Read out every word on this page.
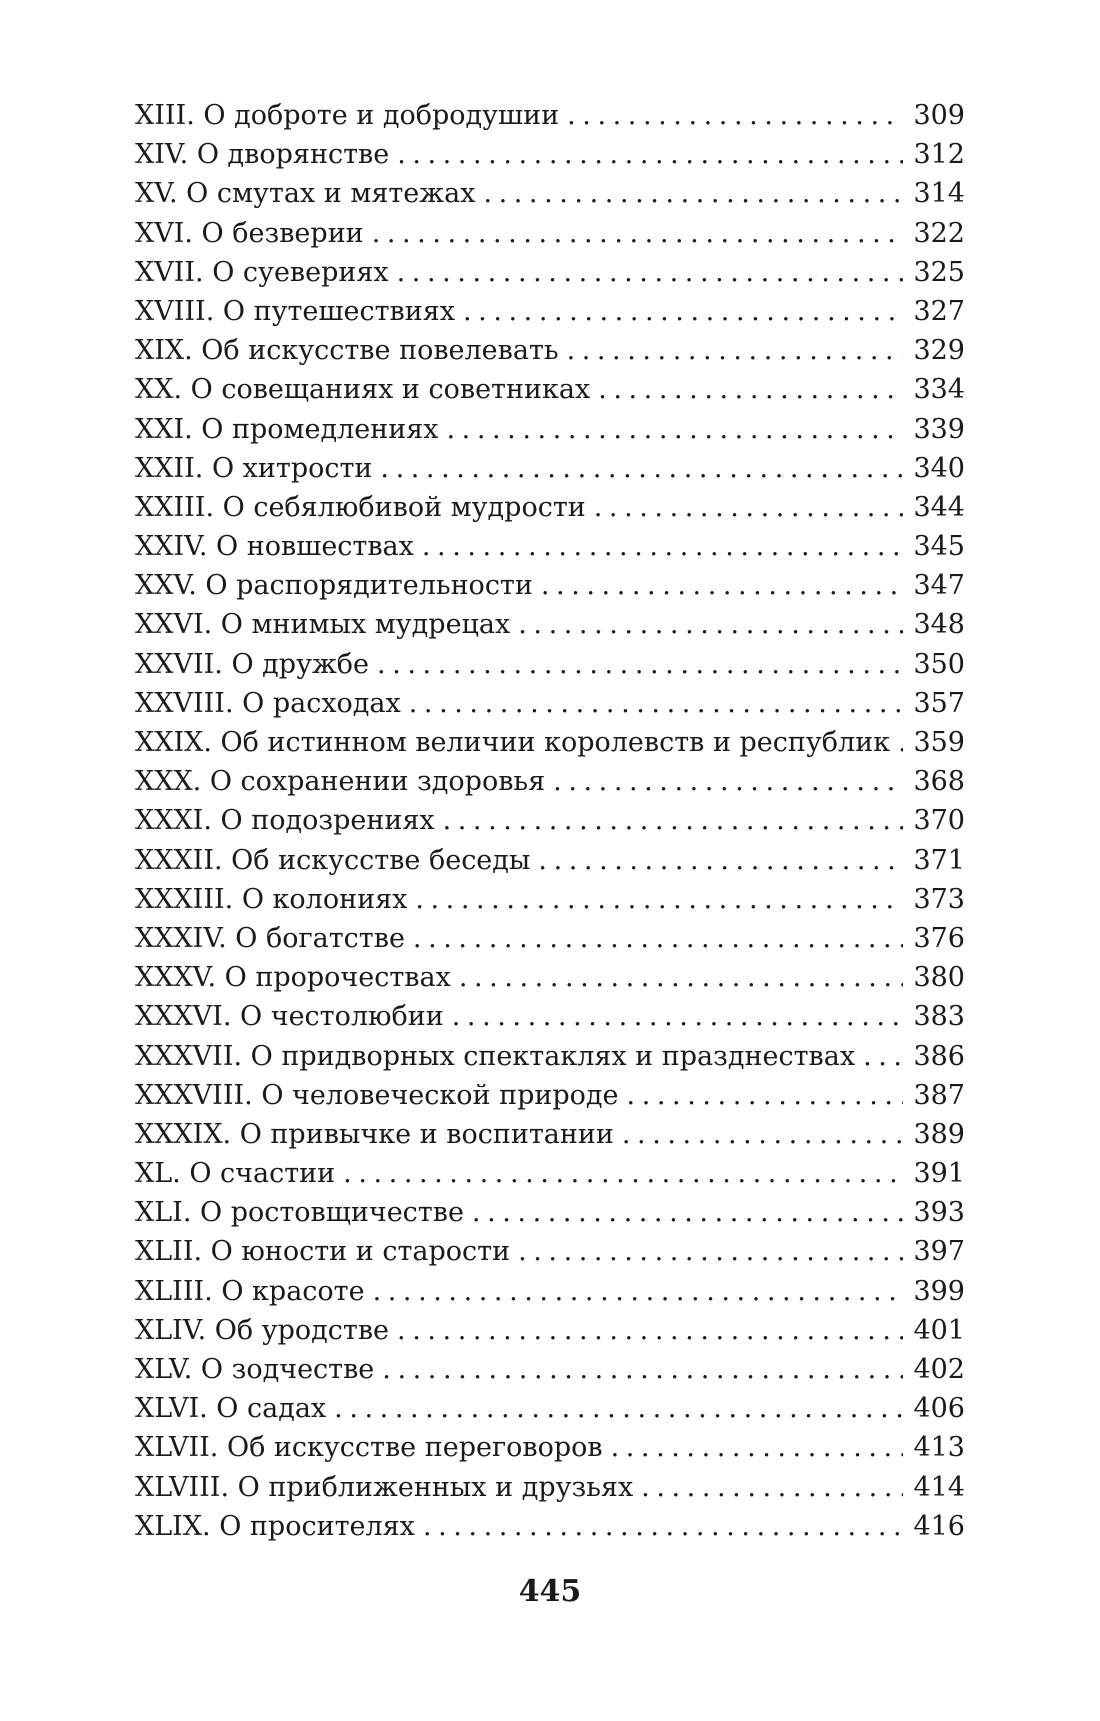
XIII. О доброте и добродушии . . .	309
XIV. О дворянстве . . .	312
XV. О смутах и мятежах . . .	314
XVI. О безверии . . .	322
XVII. О суевериях . . .	325
XVIII. О путешествиях . . .	327
XIX. Об искусстве повелевать . . .	329
XX. О совещаниях и советниках . . .	334
XXI. О промедлениях . . .	339
XXII. О хитрости . . .	340
XXIII. О себялюбивой мудрости . . .	344
XXIV. О новшествах . . .	345
XXV. О распорядительности . . .	347
XXVI. О мнимых мудрецах . . .	348
XXVII. О дружбе . . .	350
XXVIII. О расходах . . .	357
XXIX. Об истинном величии королевств и республик . . . 359
XXX. О сохранении здоровья . . .	368
XXXI. О подозрениях . . .	370
XXXII. Об искусстве беседы . . .	371
XXXIII. О колониях . . .	373
XXXIV. О богатстве . . .	376
XXXV. О пророчествах . . .	380
XXXVI. О честолюбии . . .	383
XXXVII. О придворных спектаклях и празднествах . . . 386
XXXVIII. О человеческой природе . . .	387
XXXIX. О привычке и воспитании . . .	389
XL. О счастии . . .	391
XLI. О ростовщичестве . . .	393
XLII. О юности и старости . . .	397
XLIII. О красоте . . .	399
XLIV. Об уродстве . . .	401
XLV. О зодчестве . . .	402
XLVI. О садах . . .	406
XLVII. Об искусстве переговоров . . .	413
XLVIII. О приближенных и друзьях . . .	414
XLIX. О просителях . . .	416
445
